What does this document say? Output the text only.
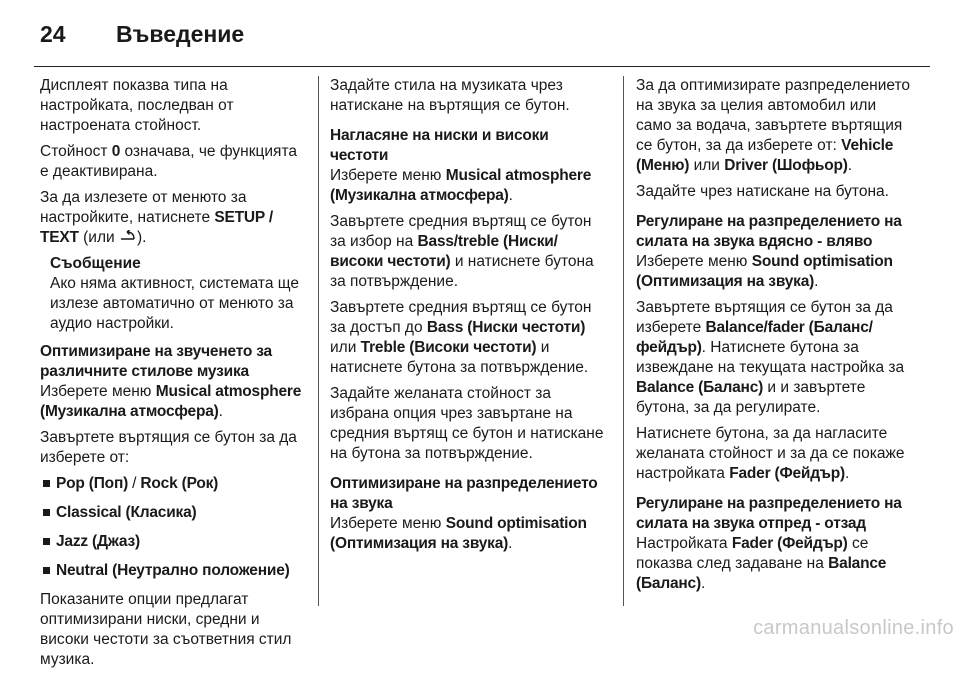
24	Въведение

Дисплеят показва типа на настройката, последван от настроената стойност.

Стойност 0 означава, че функцията е деактивирана.

За да излезете от менюто за настройките, натиснете SETUP / TEXT (или ).

Съобщение
Ако няма активност, системата ще излезе автоматично от менюто за аудио настройки.

Оптимизиране на звученето за различните стилове музика

Изберете меню Musical atmosphere (Музикална атмосфера).

Завъртете въртящия се бутон за да изберете от:

Pop (Поп) / Rock (Рок)
Classical (Класика)
Jazz (Джаз)
Neutral (Неутрално положение)

Показаните опции предлагат оптимизирани ниски, средни и високи честоти за съответния стил музика.

Задайте стила на музиката чрез натискане на въртящия се бутон.

Нагласяне на ниски и високи честоти

Изберете меню Musical atmosphere (Музикална атмосфера).

Завъртете средния въртящ се бутон за избор на Bass/treble (Ниски/високи честоти) и натиснете бутона за потвърждение.

Завъртете средния въртящ се бутон за достъп до Bass (Ниски честоти) или Treble (Високи честоти) и натиснете бутона за потвърждение.

Задайте желаната стойност за избрана опция чрез завъртане на средния въртящ се бутон и натискане на бутона за потвърждение.

Оптимизиране на разпределението на звука

Изберете меню Sound optimisation (Оптимизация на звука).

За да оптимизирате разпределението на звука за целия автомобил или само за водача, завъртете въртящия се бутон, за да изберете от: Vehicle (Меню) или Driver (Шофьор).

Задайте чрез натискане на бутона.

Регулиране на разпределението на силата на звука вдясно - вляво

Изберете меню Sound optimisation (Оптимизация на звука).

Завъртете въртящия се бутон за да изберете Balance/fader (Баланс/фейдър). Натиснете бутона за извеждане на текущата настройка за Balance (Баланс) и и завъртете бутона, за да регулирате.

Натиснете бутона, за да нагласите желаната стойност и за да се покаже настройката Fader (Фейдър).

Регулиране на разпределението на силата на звука отпред - отзад

Настройката Fader (Фейдър) се показва след задаване на Balance (Баланс).

carmanualsonline.info
